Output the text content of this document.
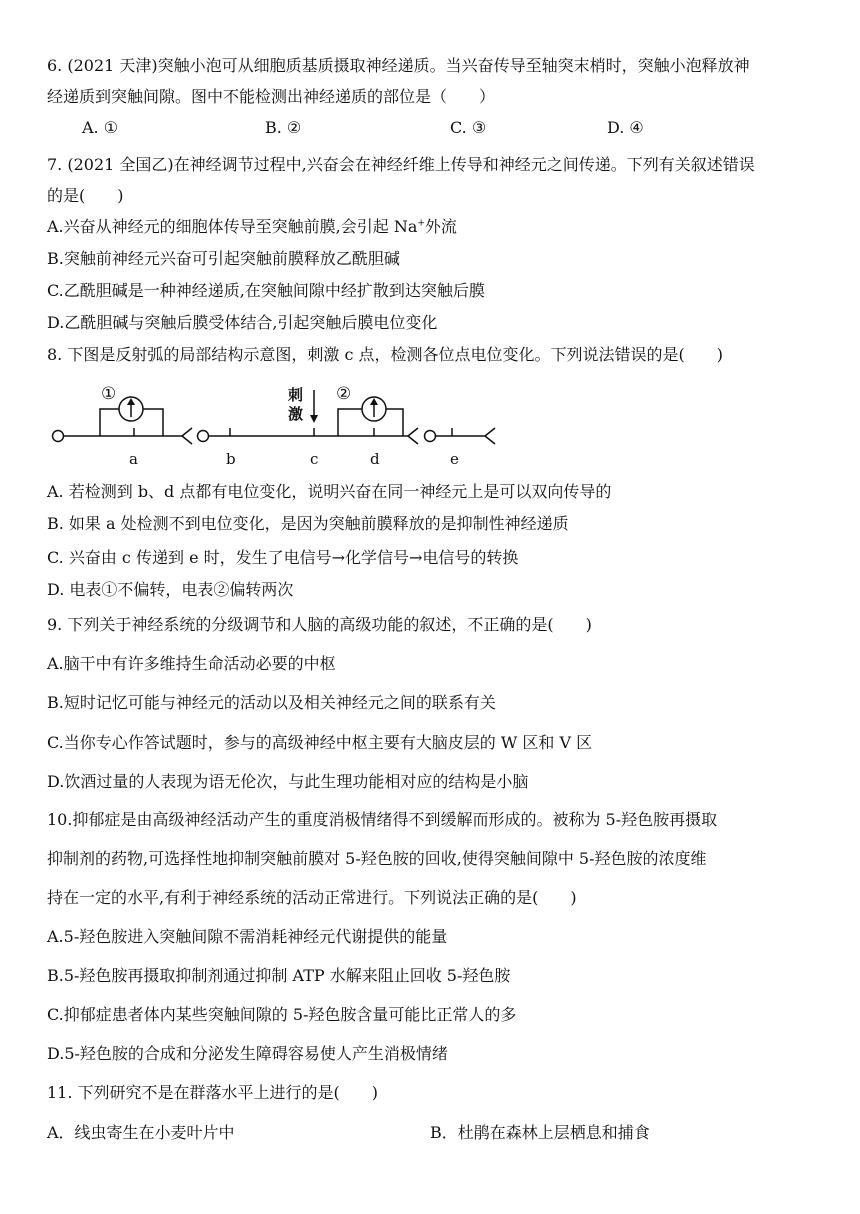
6. (2021 天津)突触小泡可从细胞质基质摄取神经递质。当兴奋传导至轴突末梢时，突触小泡释放神
经递质到突触间隙。图中不能检测出神经递质的部位是（　　）
A. ①	B. ②	C. ③	D. ④
7. (2021 全国乙)在神经调节过程中,兴奋会在神经纤维上传导和神经元之间传递。下列有关叙述错误
的是(　　)
A.兴奋从神经元的细胞体传导至突触前膜,会引起 Na+外流
B.突触前神经元兴奋可引起突触前膜释放乙酰胆碱
C.乙酰胆碱是一种神经递质,在突触间隙中经扩散到达突触后膜
D.乙酰胆碱与突触后膜受体结合,引起突触后膜电位变化
8. 下图是反射弧的局部结构示意图，刺激 c 点，检测各位点电位变化。下列说法错误的是(　　)
①	②
刺
激
a	b	c	d	e
A. 若检测到 b、d 点都有电位变化，说明兴奋在同一神经元上是可以双向传导的
B. 如果 a 处检测不到电位变化，是因为突触前膜释放的是抑制性神经递质
C. 兴奋由 c 传递到 e 时，发生了电信号→化学信号→电信号的转换
D. 电表①不偏转，电表②偏转两次
9. 下列关于神经系统的分级调节和人脑的高级功能的叙述，不正确的是(　　)
A.脑干中有许多维持生命活动必要的中枢
B.短时记忆可能与神经元的活动以及相关神经元之间的联系有关
C.当你专心作答试题时，参与的高级神经中枢主要有大脑皮层的 W 区和 V 区
D.饮酒过量的人表现为语无伦次，与此生理功能相对应的结构是小脑
10.抑郁症是由高级神经活动产生的重度消极情绪得不到缓解而形成的。被称为 5-羟色胺再摄取
抑制剂的药物,可选择性地抑制突触前膜对 5-羟色胺的回收,使得突触间隙中 5-羟色胺的浓度维
持在一定的水平,有利于神经系统的活动正常进行。下列说法正确的是(　　)
A.5-羟色胺进入突触间隙不需消耗神经元代谢提供的能量
B.5-羟色胺再摄取抑制剂通过抑制 ATP 水解来阻止回收 5-羟色胺
C.抑郁症患者体内某些突触间隙的 5-羟色胺含量可能比正常人的多
D.5-羟色胺的合成和分泌发生障碍容易使人产生消极情绪
11. 下列研究不是在群落水平上进行的是(　　)
A．线虫寄生在小麦叶片中	B．杜鹃在森林上层栖息和捕食
